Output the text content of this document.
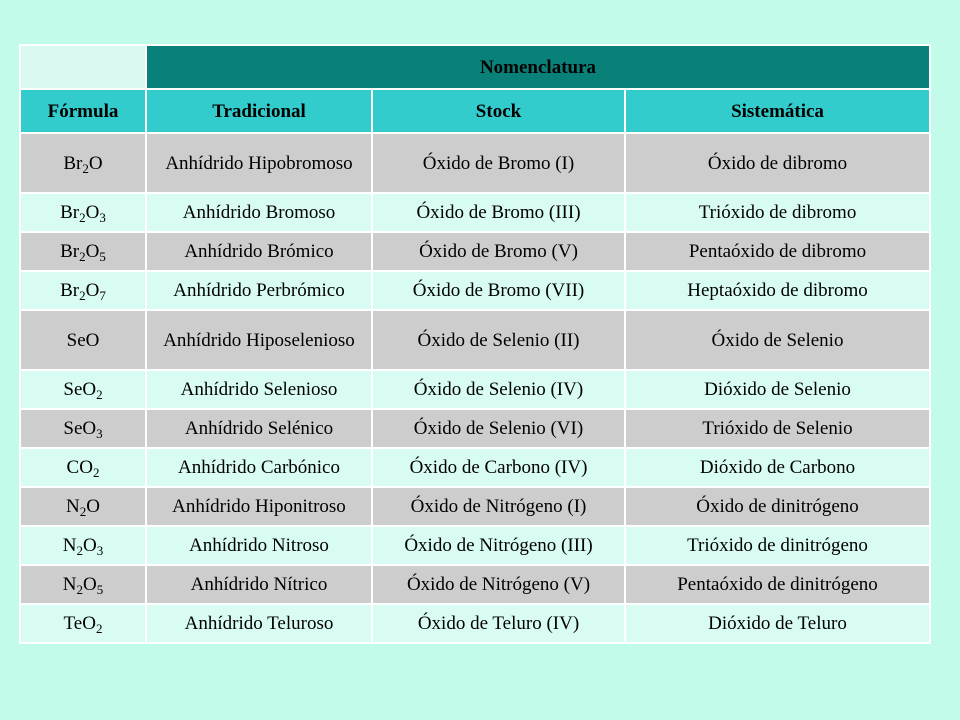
	Nomenclatura		
Fórmula	Tradicional	Stock	Sistemática
$Br_2O$	Anhídrido Hipobromoso	Óxido de Bromo (I)	Óxido de dibromo
$Br_2O_3$	Anhídrido Bromoso	Óxido de Bromo (III)	Trióxido de dibromo
$Br_2O_5$	Anhídrido Brómico	Óxido de Bromo (V)	Pentaóxido de dibromo
$Br_2O_7$	Anhídrido Perbrómico	Óxido de Bromo (VII)	Heptaóxido de dibromo
SeO	Anhídrido Hiposelenioso	Óxido de Selenio (II)	Óxido de Selenio
SeO$_2$	Anhídrido Selenioso	Óxido de Selenio (IV)	Dióxido de Selenio
SeO$_3$	Anhídrido Selénico	Óxido de Selenio (VI)	Trióxido de Selenio
$CO_2$	Anhídrido Carbónico	Óxido de Carbono (IV)	Dióxido de Carbono
$N_2O$	Anhídrido Hiponitroso	Óxido de Nitrógeno (I)	Óxido de dinitrógeno
$N_2O_3$	Anhídrido Nitroso	Óxido de Nitrógeno (III)	Trióxido de dinitrógeno
$N_2O_5$	Anhídrido Nítrico	Óxido de Nitrógeno (V)	Pentaóxido de dinitrógeno
TeO$_2$	Anhídrido Teluroso	Óxido de Teluro (IV)	Dióxido de Teluro
